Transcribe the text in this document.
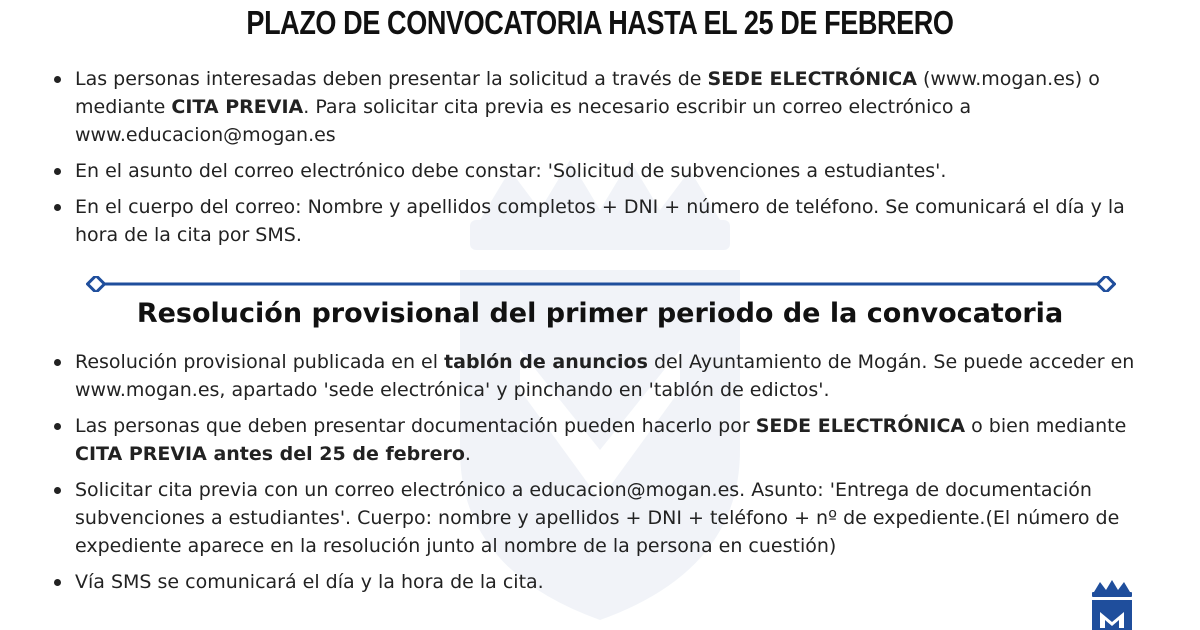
PLAZO DE CONVOCATORIA HASTA EL 25 DE FEBRERO
Las personas interesadas deben presentar la solicitud a través de SEDE ELECTRÓNICA (www.mogan.es) o mediante CITA PREVIA. Para solicitar cita previa es necesario escribir un correo electrónico a www.educacion@mogan.es
En el asunto del correo electrónico debe constar: 'Solicitud de subvenciones a estudiantes'.
En el cuerpo del correo: Nombre y apellidos completos + DNI + número de teléfono. Se comunicará el día y la hora de la cita por SMS.
Resolución provisional del primer periodo de la convocatoria
Resolución provisional publicada en el tablón de anuncios del Ayuntamiento de Mogán. Se puede acceder en www.mogan.es, apartado 'sede electrónica' y pinchando en 'tablón de edictos'.
Las personas que deben presentar documentación pueden hacerlo por SEDE ELECTRÓNICA o bien mediante CITA PREVIA antes del 25 de febrero.
Solicitar cita previa con un correo electrónico a educacion@mogan.es. Asunto: 'Entrega de documentación subvenciones a estudiantes'. Cuerpo: nombre y apellidos + DNI + teléfono + nº de expediente.(El número de expediente aparece en la resolución junto al nombre de la persona en cuestión)
Vía SMS se comunicará el día y la hora de la cita.
